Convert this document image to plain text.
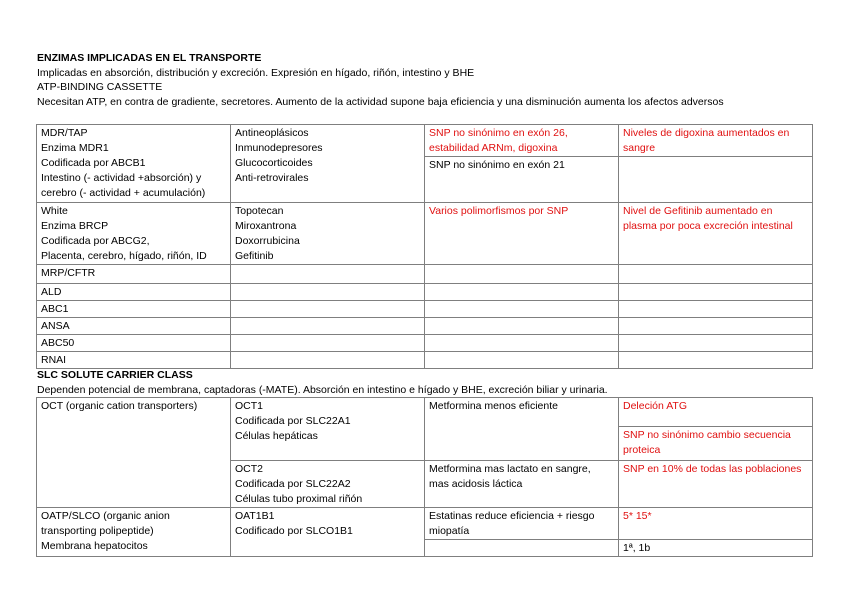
ENZIMAS IMPLICADAS EN EL TRANSPORTE
Implicadas en absorción, distribución y excreción. Expresión en hígado, riñón, intestino y BHE
ATP-BINDING CASSETTE
Necesitan ATP, en contra de gradiente, secretores. Aumento de la actividad supone baja eficiencia y una disminución aumenta los afectos adversos
MDR/TAP
Enzima MDR1
Codificada por ABCB1
Intestino (- actividad +absorción) y
cerebro (- actividad + acumulación)	Antineoplásicos
Inmunodepresores
Glucocorticoides
Anti-retrovirales	SNP no sinónimo en exón 26,
estabilidad ARNm, digoxina	Niveles de digoxina aumentados en
sangre

		SNP no sinónimo en exón 21	

White
Enzima BRCP
Codificada por ABCG2,
Placenta, cerebro, hígado, riñón, ID	Topotecan
Miroxantrona
Doxorrubicina
Gefitinib	Varios polimorfismos por SNP	Nivel de Gefitinib aumentado en
plasma por poca excreción intestinal

MRP/CFTR			
ALD			
ABC1			
ANSA			
ABC50			
RNAI			
SLC SOLUTE CARRIER CLASS
Dependen potencial de membrana, captadoras (-MATE). Absorción en intestino e hígado y BHE, excreción biliar y urinaria.
OCT (organic cation transporters)	OCT1
Codificada por SLC22A1
Células hepáticas	Metformina menos eficiente	Deleción ATG

			SNP no sinónimo cambio secuencia
proteica

	OCT2
Codificada por SLC22A2
Células tubo proximal riñón	Metformina mas lactato en sangre,
mas acidosis láctica	SNP en 10% de todas las poblaciones

OATP/SLCO (organic anion
transporting polipeptide)
Membrana hepatocitos	OAT1B1
Codificado por SLCO1B1	Estatinas reduce eficiencia + riesgo
miopatía	5* 15*

			1ª, 1b
